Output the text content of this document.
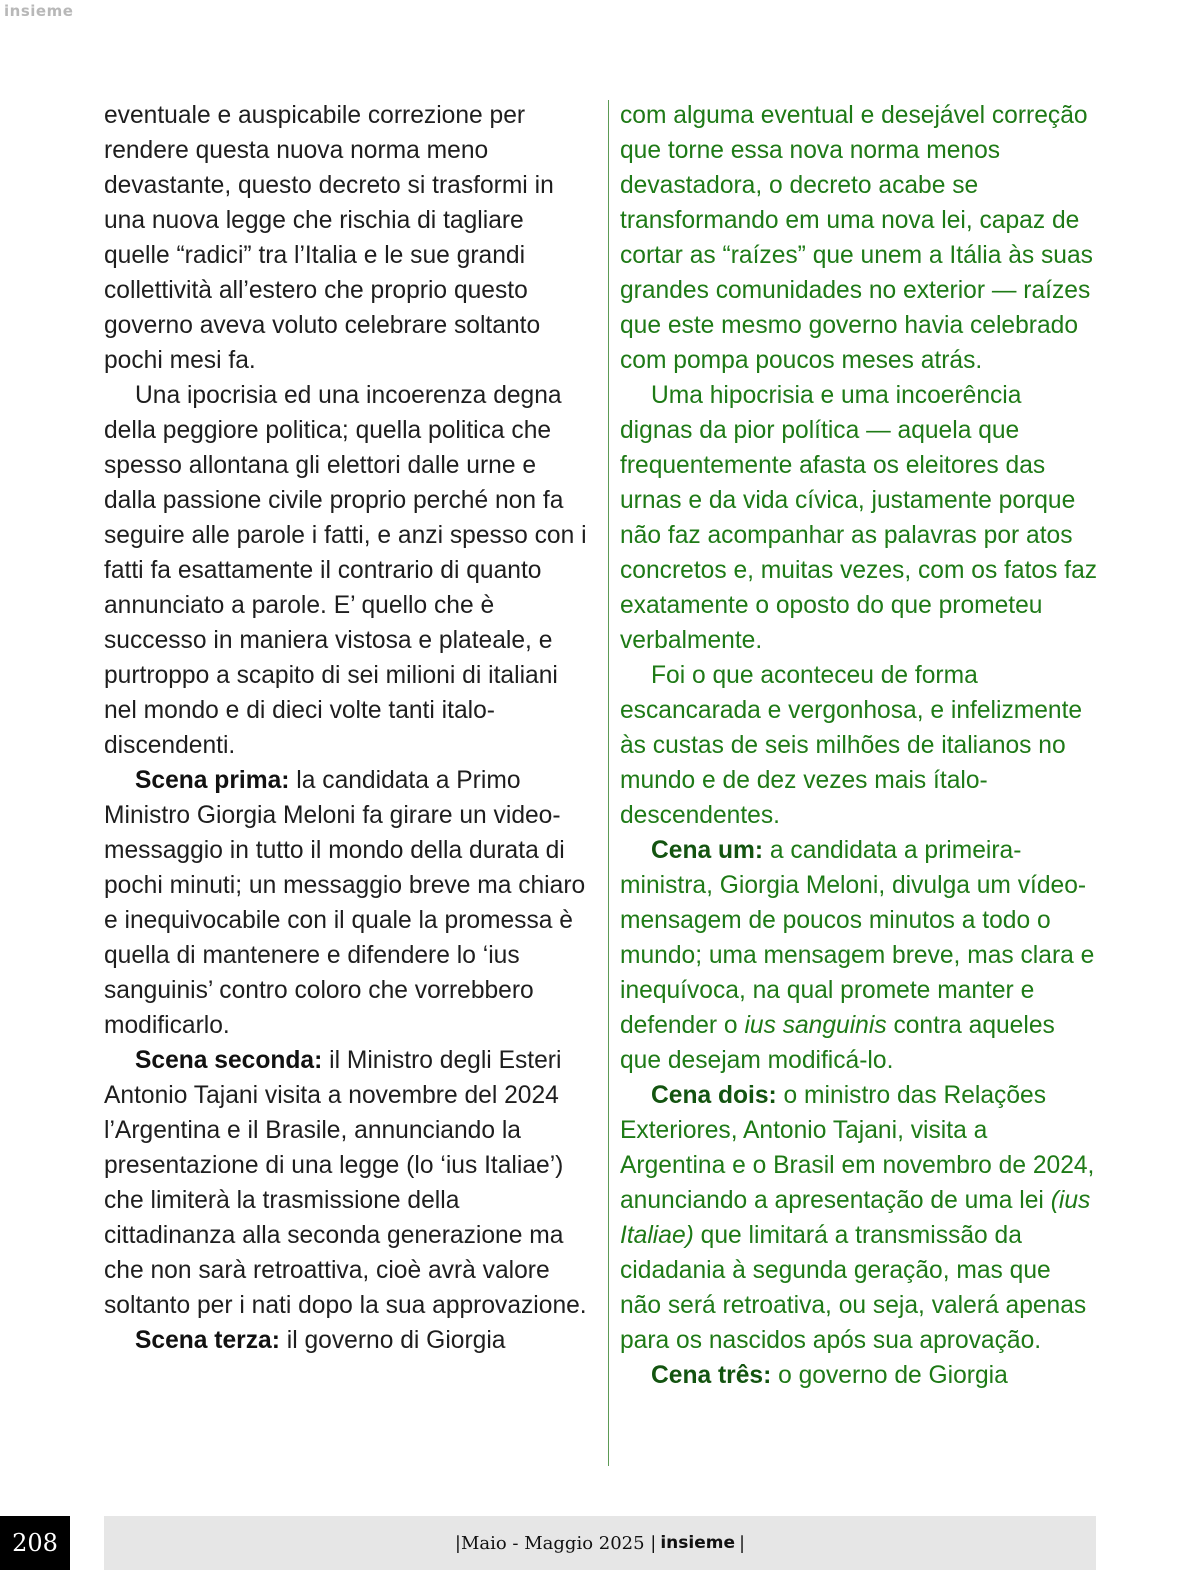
insieme

eventuale e auspicabile correzione per rendere questa nuova norma meno devastante, questo decreto si trasformi in una nuova legge che rischia di tagliare quelle “radici” tra l’Italia e le sue grandi collettività all’estero che proprio questo governo aveva voluto celebrare soltanto pochi mesi fa.

Una ipocrisia ed una incoerenza degna della peggiore politica; quella politica che spesso allontana gli elettori dalle urne e dalla passione civile proprio perché non fa seguire alle parole i fatti, e anzi spesso con i fatti fa esattamente il contrario di quanto annunciato a parole. E’ quello che è successo in maniera vistosa e plateale, e purtroppo a scapito di sei milioni di italiani nel mondo e di dieci volte tanti italo-discendenti.

Scena prima: la candidata a Primo Ministro Giorgia Meloni fa girare un video-messaggio in tutto il mondo della durata di pochi minuti; un messaggio breve ma chiaro e inequivocabile con il quale la promessa è quella di mantenere e difendere lo ‘ius sanguinis’ contro coloro che vorrebbero modificarlo.

Scena seconda: il Ministro degli Esteri Antonio Tajani visita a novembre del 2024 l’Argentina e il Brasile, annunciando la presentazione di una legge (lo ‘ius Italiae’) che limiterà la trasmissione della cittadinanza alla seconda generazione ma che non sarà retroattiva, cioè avrà valore soltanto per i nati dopo la sua approvazione.

Scena terza: il governo di Giorgia

com alguma eventual e desejável correção que torne essa nova norma menos devastadora, o decreto acabe se transformando em uma nova lei, capaz de cortar as “raízes” que unem a Itália às suas grandes comunidades no exterior — raízes que este mesmo governo havia celebrado com pompa poucos meses atrás.

Uma hipocrisia e uma incoerência dignas da pior política — aquela que frequentemente afasta os eleitores das urnas e da vida cívica, justamente porque não faz acompanhar as palavras por atos concretos e, muitas vezes, com os fatos faz exatamente o oposto do que prometeu verbalmente.

Foi o que aconteceu de forma escancarada e vergonhosa, e infelizmente às custas de seis milhões de italianos no mundo e de dez vezes mais ítalo-descendentes.

Cena um: a candidata a primeira-ministra, Giorgia Meloni, divulga um vídeo-mensagem de poucos minutos a todo o mundo; uma mensagem breve, mas clara e inequívoca, na qual promete manter e defender o ius sanguinis contra aqueles que desejam modificá-lo.

Cena dois: o ministro das Relações Exteriores, Antonio Tajani, visita a Argentina e o Brasil em novembro de 2024, anunciando a apresentação de uma lei (ius Italiae) que limitará a transmissão da cidadania à segunda geração, mas que não será retroativa, ou seja, valerá apenas para os nascidos após sua aprovação.

Cena três: o governo de Giorgia

208	|Maio - Maggio 2025 | insieme |
